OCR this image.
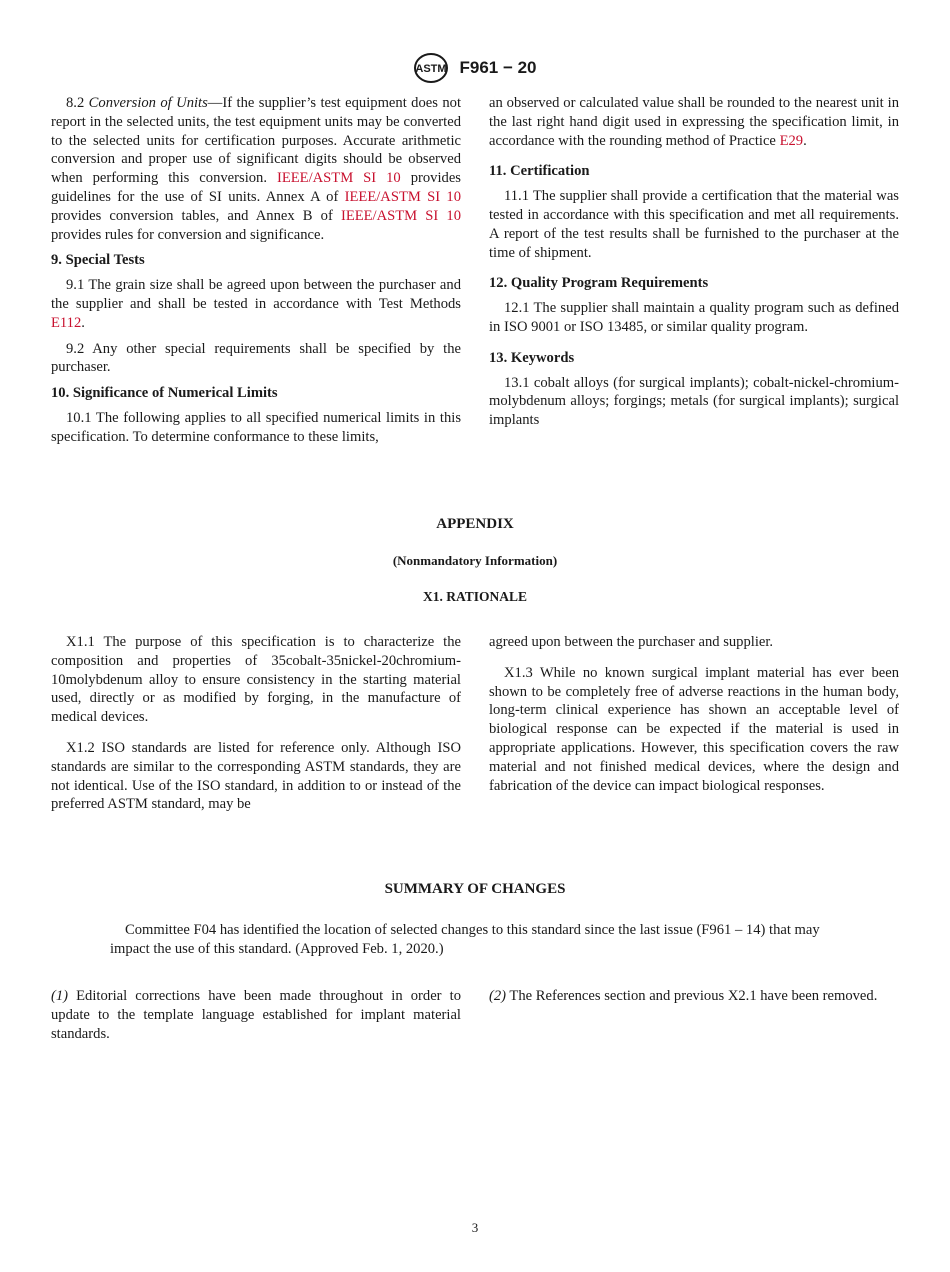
ASTM F961 − 20

8.2 Conversion of Units—If the supplier’s test equipment does not report in the selected units, the test equipment units may be converted to the selected units for certification purposes. Accurate arithmetic conversion and proper use of significant digits should be observed when performing this conversion. IEEE/ASTM SI 10 provides guidelines for the use of SI units. Annex A of IEEE/ASTM SI 10 provides conversion tables, and Annex B of IEEE/ASTM SI 10 provides rules for conversion and significance.

9. Special Tests

9.1 The grain size shall be agreed upon between the purchaser and the supplier and shall be tested in accordance with Test Methods E112.

9.2 Any other special requirements shall be specified by the purchaser.

10. Significance of Numerical Limits

10.1 The following applies to all specified numerical limits in this specification. To determine conformance to these limits,

an observed or calculated value shall be rounded to the nearest unit in the last right hand digit used in expressing the specification limit, in accordance with the rounding method of Practice E29.

11. Certification

11.1 The supplier shall provide a certification that the material was tested in accordance with this specification and met all requirements. A report of the test results shall be furnished to the purchaser at the time of shipment.

12. Quality Program Requirements

12.1 The supplier shall maintain a quality program such as defined in ISO 9001 or ISO 13485, or similar quality program.

13. Keywords

13.1 cobalt alloys (for surgical implants); cobalt-nickel-chromium-molybdenum alloys; forgings; metals (for surgical implants); surgical implants

APPENDIX
(Nonmandatory Information)
X1. RATIONALE

X1.1 The purpose of this specification is to characterize the composition and properties of 35cobalt-35nickel-20chromium-10molybdenum alloy to ensure consistency in the starting material used, directly or as modified by forging, in the manufacture of medical devices.

X1.2 ISO standards are listed for reference only. Although ISO standards are similar to the corresponding ASTM standards, they are not identical. Use of the ISO standard, in addition to or instead of the preferred ASTM standard, may be

agreed upon between the purchaser and supplier.

X1.3 While no known surgical implant material has ever been shown to be completely free of adverse reactions in the human body, long-term clinical experience has shown an acceptable level of biological response can be expected if the material is used in appropriate applications. However, this specification covers the raw material and not finished medical devices, where the design and fabrication of the device can impact biological responses.

SUMMARY OF CHANGES
Committee F04 has identified the location of selected changes to this standard since the last issue (F961 – 14) that may impact the use of this standard. (Approved Feb. 1, 2020.)

(1) Editorial corrections have been made throughout in order to update to the template language established for implant material standards.

(2) The References section and previous X2.1 have been removed.

3
